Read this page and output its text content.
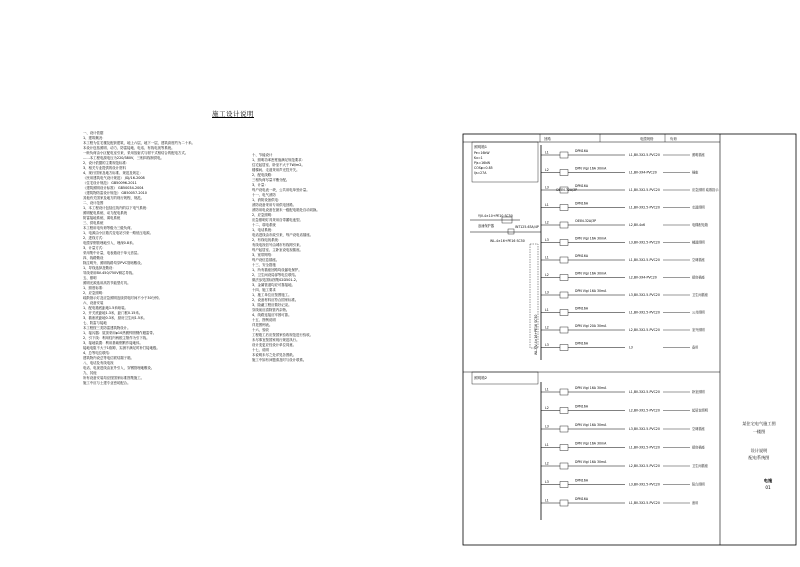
施工设计说明
一、设计依据
1、建筑概况：
本工程为住宅楼及配套建筑，地上六层，地下一层，建筑高度约为二十米。
本设计包括照明、动力、防雷接地、电话、有线电视等系统。
一般负荷由小区配电室引来，采用放射式与树干式相结合的配电方式。
……本工程电源电压为220/380V，三相四线制供电。
2、设计依据的主要规范标准：
3、相关专业提供的设计资料
4、现行国家及地方标准、规范及规定：
《民用建筑电气设计规范》 JGJ/16-2008
《住宅设计规范》 GB50096-2011
《建筑照明设计标准》 GB50034-2004
《建筑物防雷设计规范》 GB50057-2010
其他有关国家及地方的现行规程、规范。
二、设计范围
1、本工程设计包括红线内的以下电气系统：
照明配电系统、动力配电系统
防雷接地系统、弱电系统
三、供电系统
本工程用电负荷等级为三级负荷。
1、电源由小区箱式变电站引来一路低压电源。
2、进线方式：
电缆穿钢管埋地引入，埋深0.8米。
3、计量方式：
采用集中计量，电表箱设于单元首层。
四、线路敷设
除注明外，照明线路均穿PVC管暗敷设。
1、导线选择及敷设：
导线采用BV-450/750V铜芯导线。
五、照明
照明光源选用高效节能型灯具。
1、照度标准：
2、应急照明：
疏散指示灯及应急照明连续供电时间不小于30分钟。
六、设备安装
1、配电箱底距地1.5米暗装。
2、开关底距地1.3米，距门框0.15米。
3、插座底距地0.3米，厨房卫生间1.5米。
七、防雷与接地
本工程按三类防雷建筑物设计。
1、接闪器：屋顶采用φ10热镀锌圆钢作避雷带。
2、引下线：利用柱内两根主筋作为引下线。
3、接地装置：利用基础钢筋作接地体。
接地电阻不大于1欧姆，实测不满足时补打接地极。
4、总等电位联结：
建筑物内设总等电位联结端子箱。
八、电话及有线电视
电话、电视进线由室外引入，穿钢管埋地敷设。
九、其他
所有设备安装均应按国家标准图集施工。
施工中应与土建专业密切配合。
十、节能设计
1、照明功率密度值满足规范要求：
住宅起居室、卧室不大于7W/m2。
楼梯间、走道采用声光控开关。
2、配电线路：
三相负荷尽量平衡分配。
3、计量：
每户设电表一块，公共用电单独计量。
十一、电气消防
1、消防设备供电：
消防设备采用专用供电回路。
消防用电设备在最末一级配电箱处自动切换。
2、应急照明：
应急照明灯具采用自带蓄电池型。
十二、弱电系统
1、电话系统：
电话进线由市政引来，每户设电话插座。
2、有线电视系统：
有线电视信号由城市有线网引来。
每户起居室、主卧室设电视插座。
3、宽带网络：
每户设信息插座。
十三、安全措施
1、所有插座回路均设漏电保护。
2、卫生间设局部等电位联结。
做法参见国标图集02D501-2。
3、金属管道均应可靠接地。
十四、施工要求
1、施工单位应按图施工。
2、设备材料应符合国家标准。
3、隐蔽工程应做好记录。
穿线前应清除管内杂物。
4、线路连接应牢固可靠。
十五、图例说明
详见图例表。
十六、验收
工程竣工后应按国家验收规范进行验收。
未尽事宜按国家现行规范执行。
设计变更应经设计单位同意。
十七、说明
本说明未尽之处详见各图纸。
施工中如有问题请及时与设计联系。
YJV-4×10+PE10 SC50
浪涌保护器	INT125-63A/4P
WL-4×16+PE16 SC50
C65N-32A/3P
WL-YJV-4×16+PE16 SC50
回路	电缆规格	负荷
照明箱1
照明箱2
Pe=16kW
Kx=1
Pjs=16kW
COSφ=0.85
Ijs=27A
L1	DPN16A
L1,BV-3X2.5-PVC20	照明插座
L2	DPN Vigi 16A 30mA
L1,BV-3X4-PVC20	插座
L3	DPN16A
L1,BV-3X2.5-PVC20	应急照明 疏散指示
L1	DPN16A
L1,BV-3X2.5-PVC20	走道照明
L2	C65N-32A/3P
L2,BV-4x6	电梯配电箱
L3	DPN Vigi 16A 30mA
L3,BV-3X2.5-PVC20	楼道照明
L1	DPN16A
L1,BV-3X2.5-PVC20	空调插座
L2	DPN Vigi 16A 30mA
L2,BV-3X4-PVC20	厨房插座
L3	DPN Vigi 16A 30mA
L3,BV-3X2.5-PVC20	卫生间插座
L1	DPN16A
L1,BV-3X2.5-PVC20	公共照明
L2	DPN Vigi 20A 30mA
L2,BV-3X2.5-PVC20	室外照明
L3	DPN16A
L3	备用
L1	DPN Vigi 16A 30mA
L1,BV-3X2.5-PVC20	卧室照明
L2	DPN16A
L2,BV-3X2.5-PVC20	起居室照明
L3	DPN Vigi 16A 30mA
L3,BV-3X2.5-PVC20	空调插座
L1	DPN Vigi 16A 30mA
L1,BV-3X2.5-PVC20	厨房插座
L2	DPN Vigi 16A 30mA
L2,BV-3X2.5-PVC20	卫生间插座
L3	DPN16A
L3,BV-3X2.5-PVC20	阳台照明
L1	DPN16A
L1,BV-3X2.5-PVC20	备用
某住宅电气施工图
一楼图
设计说明
配电系统图
电施
01
